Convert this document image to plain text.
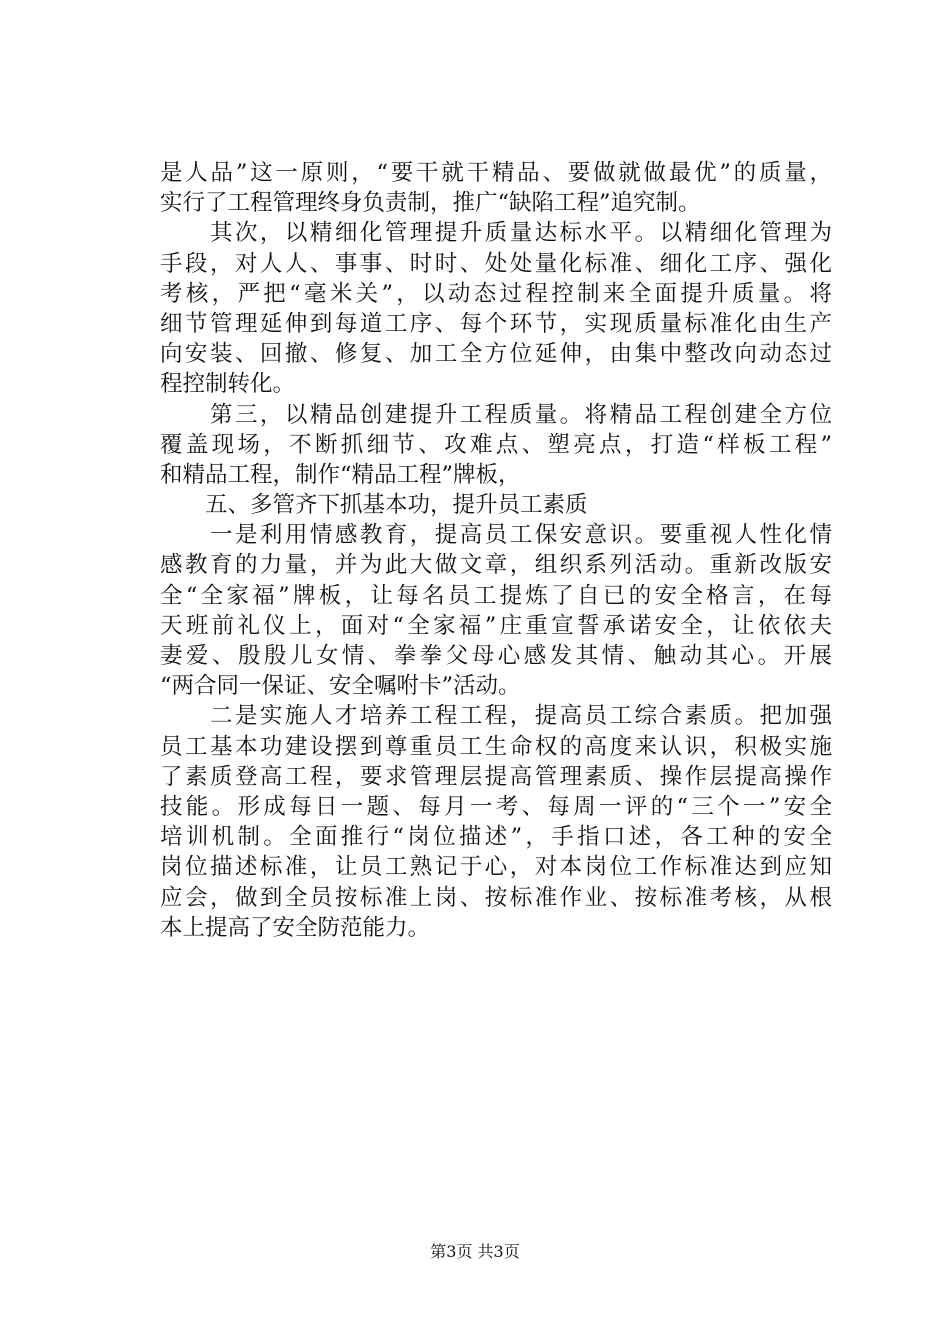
是人品”这一原则，“要干就干精品、要做就做最优”的质量，
实行了工程管理终身负责制，推广“缺陷工程”追究制。
　　其次，以精细化管理提升质量达标水平。以精细化管理为
手段，对人人、事事、时时、处处量化标准、细化工序、强化
考核，严把“毫米关”，以动态过程控制来全面提升质量。将
细节管理延伸到每道工序、每个环节，实现质量标准化由生产
向安装、回撤、修复、加工全方位延伸，由集中整改向动态过
程控制转化。
　　第三，以精品创建提升工程质量。将精品工程创建全方位
覆盖现场，不断抓细节、攻难点、塑亮点，打造“样板工程”
和精品工程，制作“精品工程”牌板，
　　五、多管齐下抓基本功，提升员工素质
　　一是利用情感教育，提高员工保安意识。要重视人性化情
感教育的力量，并为此大做文章，组织系列活动。重新改版安
全“全家福”牌板，让每名员工提炼了自已的安全格言，在每
天班前礼仪上，面对“全家福”庄重宣誓承诺安全，让依依夫
妻爱、殷殷儿女情、拳拳父母心感发其情、触动其心。开展
“两合同一保证、安全嘱咐卡”活动。
　　二是实施人才培养工程工程，提高员工综合素质。把加强
员工基本功建设摆到尊重员工生命权的高度来认识，积极实施
了素质登高工程，要求管理层提高管理素质、操作层提高操作
技能。形成每日一题、每月一考、每周一评的“三个一”安全
培训机制。全面推行“岗位描述”，手指口述，各工种的安全
岗位描述标准，让员工熟记于心，对本岗位工作标准达到应知
应会，做到全员按标准上岗、按标准作业、按标准考核，从根
本上提高了安全防范能力。
第3页 共3页
